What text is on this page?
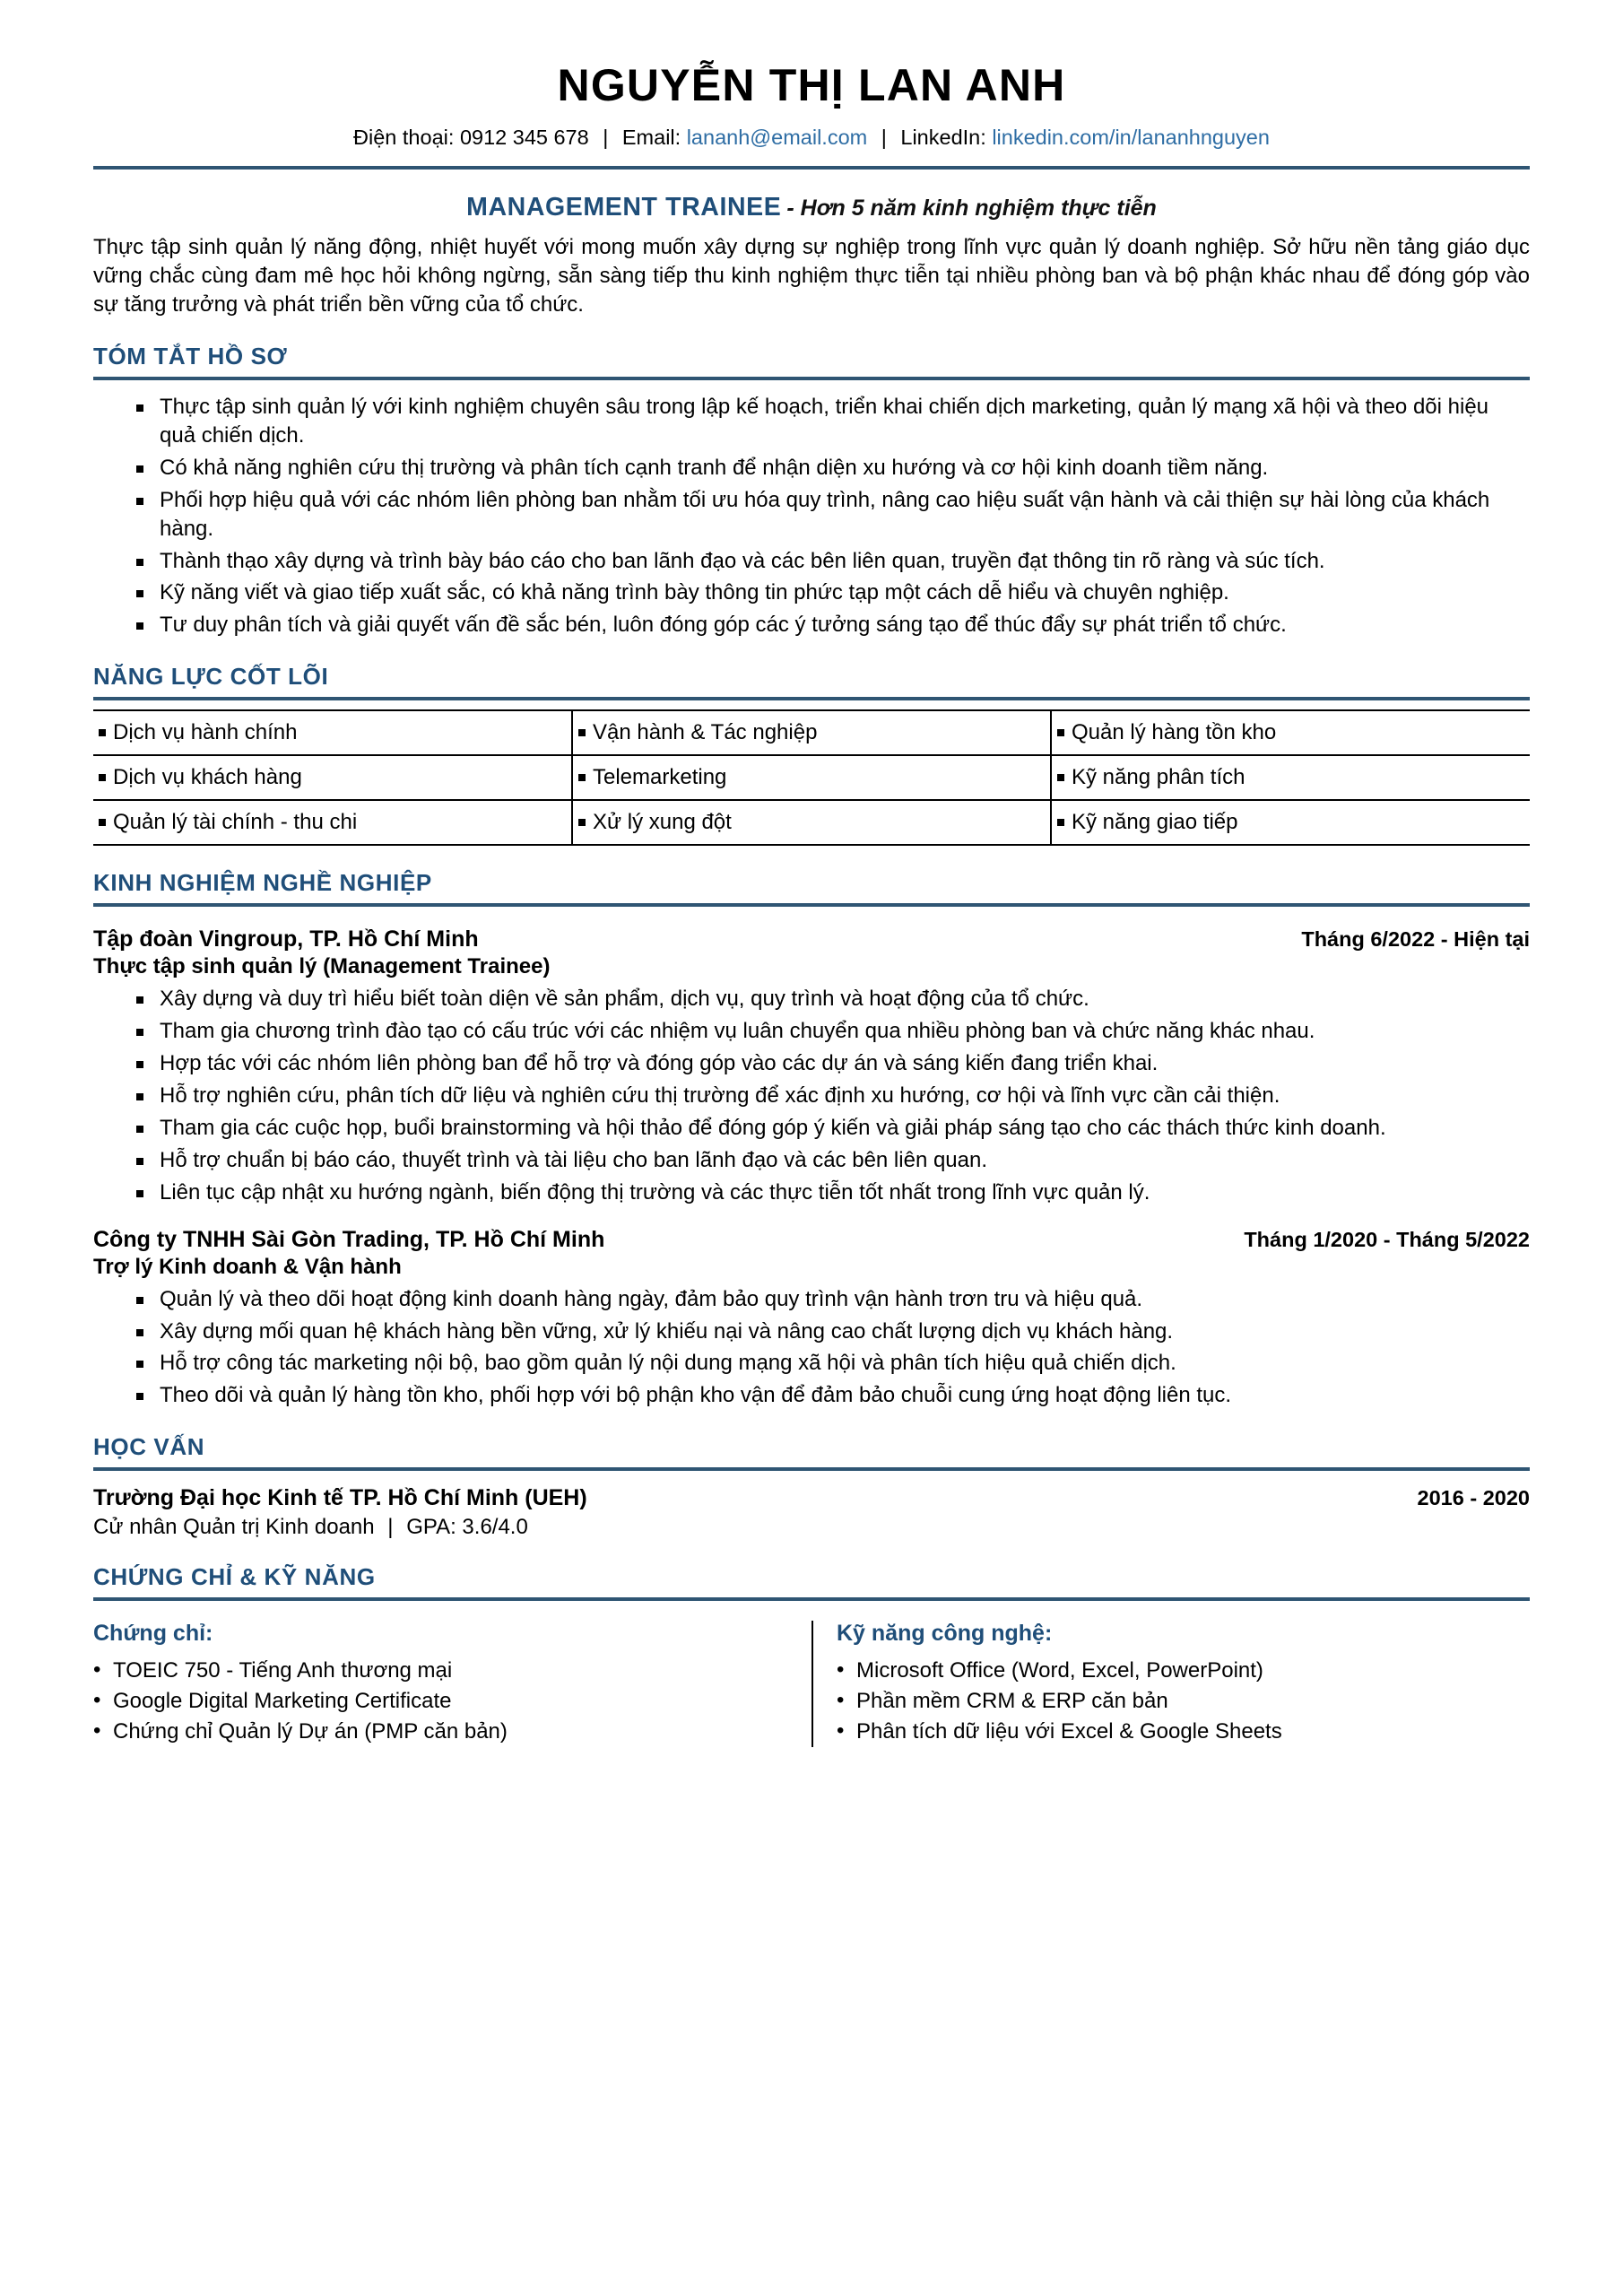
NGUYỄN THỊ LAN ANH
Điện thoại: 0912 345 678 | Email: lananh@email.com | LinkedIn: linkedin.com/in/lananhnguyen
MANAGEMENT TRAINEE - Hơn 5 năm kinh nghiệm thực tiễn
Thực tập sinh quản lý năng động, nhiệt huyết với mong muốn xây dựng sự nghiệp trong lĩnh vực quản lý doanh nghiệp. Sở hữu nền tảng giáo dục vững chắc cùng đam mê học hỏi không ngừng, sẵn sàng tiếp thu kinh nghiệm thực tiễn tại nhiều phòng ban và bộ phận khác nhau để đóng góp vào sự tăng trưởng và phát triển bền vững của tổ chức.
TÓM TẮT HỒ SƠ
Thực tập sinh quản lý với kinh nghiệm chuyên sâu trong lập kế hoạch, triển khai chiến dịch marketing, quản lý mạng xã hội và theo dõi hiệu quả chiến dịch.
Có khả năng nghiên cứu thị trường và phân tích cạnh tranh để nhận diện xu hướng và cơ hội kinh doanh tiềm năng.
Phối hợp hiệu quả với các nhóm liên phòng ban nhằm tối ưu hóa quy trình, nâng cao hiệu suất vận hành và cải thiện sự hài lòng của khách hàng.
Thành thạo xây dựng và trình bày báo cáo cho ban lãnh đạo và các bên liên quan, truyền đạt thông tin rõ ràng và súc tích.
Kỹ năng viết và giao tiếp xuất sắc, có khả năng trình bày thông tin phức tạp một cách dễ hiểu và chuyên nghiệp.
Tư duy phân tích và giải quyết vấn đề sắc bén, luôn đóng góp các ý tưởng sáng tạo để thúc đẩy sự phát triển tổ chức.
NĂNG LỰC CỐT LÕI
Dịch vụ hành chính	Vận hành & Tác nghiệp	Quản lý hàng tồn kho
Dịch vụ khách hàng	Telemarketing	Kỹ năng phân tích
Quản lý tài chính - thu chi	Xử lý xung đột	Kỹ năng giao tiếp
KINH NGHIỆM NGHỀ NGHIỆP
Tập đoàn Vingroup, TP. Hồ Chí Minh	Tháng 6/2022 - Hiện tại
Thực tập sinh quản lý (Management Trainee)
Xây dựng và duy trì hiểu biết toàn diện về sản phẩm, dịch vụ, quy trình và hoạt động của tổ chức.
Tham gia chương trình đào tạo có cấu trúc với các nhiệm vụ luân chuyển qua nhiều phòng ban và chức năng khác nhau.
Hợp tác với các nhóm liên phòng ban để hỗ trợ và đóng góp vào các dự án và sáng kiến đang triển khai.
Hỗ trợ nghiên cứu, phân tích dữ liệu và nghiên cứu thị trường để xác định xu hướng, cơ hội và lĩnh vực cần cải thiện.
Tham gia các cuộc họp, buổi brainstorming và hội thảo để đóng góp ý kiến và giải pháp sáng tạo cho các thách thức kinh doanh.
Hỗ trợ chuẩn bị báo cáo, thuyết trình và tài liệu cho ban lãnh đạo và các bên liên quan.
Liên tục cập nhật xu hướng ngành, biến động thị trường và các thực tiễn tốt nhất trong lĩnh vực quản lý.
Công ty TNHH Sài Gòn Trading, TP. Hồ Chí Minh	Tháng 1/2020 - Tháng 5/2022
Trợ lý Kinh doanh & Vận hành
Quản lý và theo dõi hoạt động kinh doanh hàng ngày, đảm bảo quy trình vận hành trơn tru và hiệu quả.
Xây dựng mối quan hệ khách hàng bền vững, xử lý khiếu nại và nâng cao chất lượng dịch vụ khách hàng.
Hỗ trợ công tác marketing nội bộ, bao gồm quản lý nội dung mạng xã hội và phân tích hiệu quả chiến dịch.
Theo dõi và quản lý hàng tồn kho, phối hợp với bộ phận kho vận để đảm bảo chuỗi cung ứng hoạt động liên tục.
HỌC VẤN
Trường Đại học Kinh tế TP. Hồ Chí Minh (UEH)	2016 - 2020
Cử nhân Quản trị Kinh doanh | GPA: 3.6/4.0
CHỨNG CHỈ & KỸ NĂNG
Chứng chỉ:
• TOEIC 750 - Tiếng Anh thương mại
• Google Digital Marketing Certificate
• Chứng chỉ Quản lý Dự án (PMP căn bản)
Kỹ năng công nghệ:
• Microsoft Office (Word, Excel, PowerPoint)
• Phần mềm CRM & ERP căn bản
• Phân tích dữ liệu với Excel & Google Sheets
